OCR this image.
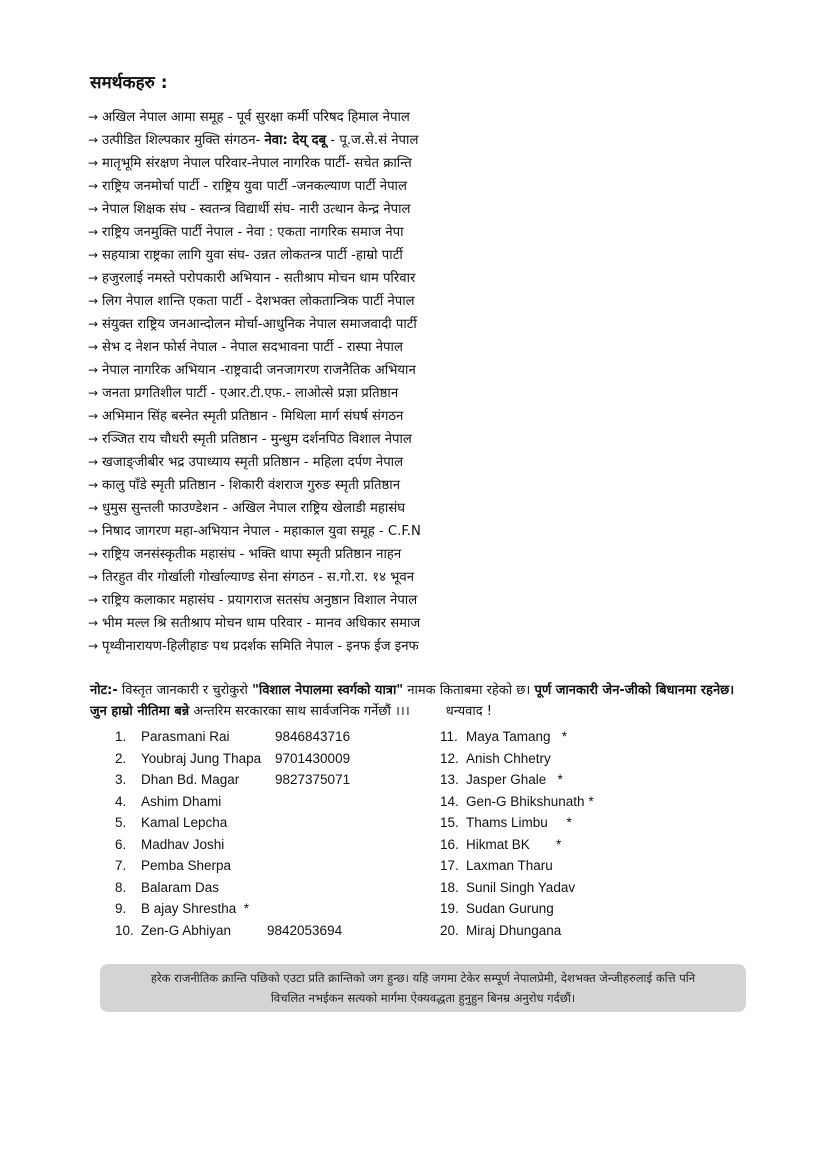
समर्थकहरु :
→ अखिल नेपाल आमा समूह - पूर्व सुरक्षा कर्मी परिषद हिमाल नेपाल
→ उत्पीडित शिल्पकार मुक्ति संगठन- नेवा: देय् दबू - पू.ज.से.सं नेपाल
→ मातृभूमि संरक्षण नेपाल परिवार-नेपाल नागरिक पार्टी- सचेत क्रान्ति
→ राष्ट्रिय जनमोर्चा पार्टी - राष्ट्रिय युवा पार्टी -जनकल्याण पार्टी नेपाल
→ नेपाल शिक्षक संघ - स्वतन्त्र विद्यार्थी संघ- नारी उत्थान केन्द्र नेपाल
→ राष्ट्रिय जनमुक्ति पार्टी नेपाल - नेवा : एकता नागरिक समाज नेपा
→ सहयात्रा राष्ट्रका लागि युवा संघ- उन्नत लोकतन्त्र पार्टी -हाम्रो पार्टी
→ हजुरलाई नमस्ते परोपकारी अभियान - सतीश्राप मोचन धाम परिवार
→ लिग नेपाल शान्ति एकता पार्टी - देशभक्त लोकतान्त्रिक पार्टी नेपाल
→ संयुक्त राष्ट्रिय जनआन्दोलन मोर्चा-आधुनिक नेपाल समाजवादी पार्टी
→ सेभ द नेशन फोर्स नेपाल - नेपाल सदभावना पार्टी - रास्पा नेपाल
→ नेपाल नागरिक अभियान -राष्ट्रवादी जनजागरण राजनैतिक अभियान
→ जनता प्रगतिशील पार्टी - एआर.टी.एफ.- लाओत्से प्रज्ञा प्रतिष्ठान
→ अभिमान सिंह बस्नेत स्मृती प्रतिष्ठान - मिथिला मार्ग संघर्ष संगठन
→ रञ्जित राय चौधरी स्मृती प्रतिष्ठान - मुन्धुम दर्शनपिठ विशाल नेपाल
→ खजाङ्जीबीर भद्र उपाध्याय स्मृती प्रतिष्ठान - महिला दर्पण नेपाल
→ कालु पाँडे स्मृती प्रतिष्ठान - शिकारी वंशराज गुरुङ स्मृती प्रतिष्ठान
→ धुमुस सुन्तली फाउण्डेशन - अखिल नेपाल राष्ट्रिय खेलाडी महासंघ
→ निषाद जागरण महा-अभियान नेपाल - महाकाल युवा समूह - C.F.N
→ राष्ट्रिय जनसंस्कृतीक महासंघ - भक्ति थापा स्मृती प्रतिष्ठान नाहन
→ तिरहुत वीर गोर्खाली गोर्खाल्याण्ड सेना संगठन - स.गो.रा. १४ भूवन
→ राष्ट्रिय कलाकार महासंघ - प्रयागराज सतसंघ अनुष्ठान विशाल नेपाल
→ भीम मल्ल श्रि सतीश्राप मोचन धाम परिवार - मानव अधिकार समाज
→ पृथ्वीनारायण-हिलीहाङ पथ प्रदर्शक समिति नेपाल - इनफ ईज इनफ
नोट:- विस्तृत जानकारी र चुरोकुरो "विशाल नेपालमा स्वर्गको यात्रा" नामक किताबमा रहेको छ। पूर्ण जानकारी जेन-जीको बिधानमा रहनेछ। जुन हाम्रो नीतिमा बन्ने अन्तरिम सरकारका साथ सार्वजनिक गर्नेछौं ।।।	धन्यवाद !
1. Parasmani Rai	9846843716
2. Youbraj Jung Thapa 9701430009
3. Dhan Bd. Magar	9827375071
4. Ashim Dhami
5. Kamal Lepcha
6. Madhav Joshi
7. Pemba Sherpa
8. Balaram Das
9. B ajay Shrestha  *
10. Zen-G Abhiyan	9842053694
11. Maya Tamang   *
12. Anish Chhetry
13. Jasper Ghale   *
14. Gen-G Bhikshunath *
15. Thams Limbu     *
16. Hikmat BK       *
17. Laxman Tharu
18. Sunil Singh Yadav
19. Sudan Gurung
20. Miraj Dhungana
हरेक राजनीतिक क्रान्ति पछिको एउटा प्रति क्रान्तिको जग हुन्छ। यहि जगमा टेकेर सम्पूर्ण नेपालप्रेमी, देशभक्त जेन्जीहरुलाई कत्ति पनि
विचलित नभईकन सत्यको मार्गमा ऐक्यवद्धता हुनुहुन बिनम्र अनुरोध गर्दछौं।
